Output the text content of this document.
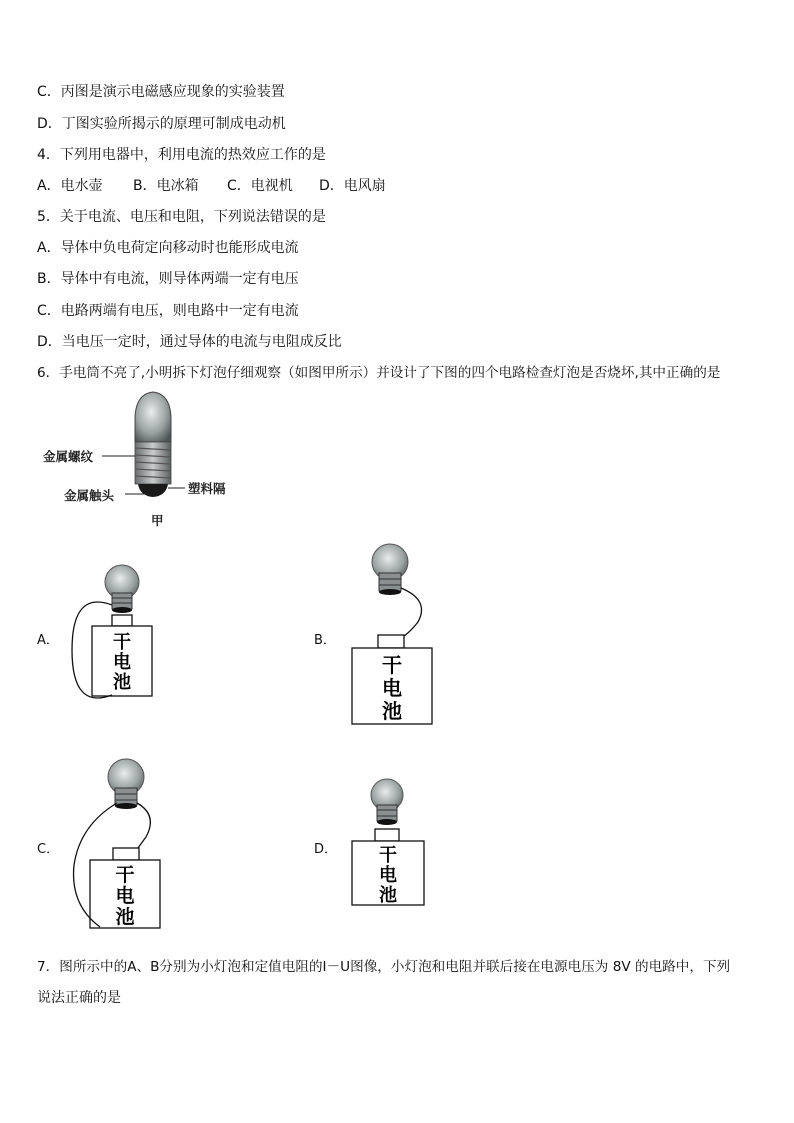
C．丙图是演示电磁感应现象的实验装置
D．丁图实验所揭示的原理可制成电动机
4．下列用电器中，利用电流的热效应工作的是
A．电水壶 B．电冰箱 C．电视机 D．电风扇
5．关于电流、电压和电阻，下列说法错误的是
A．导体中负电荷定向移动时也能形成电流
B．导体中有电流，则导体两端一定有电压
C．电路两端有电压，则电路中一定有电流
D．当电压一定时，通过导体的电流与电阻成反比
6．手电筒不亮了,小明拆下灯泡仔细观察（如图甲所示）并设计了下图的四个电路检查灯泡是否烧坏,其中正确的是
金属螺纹
金属触头	塑料隔
甲
A．	B．
C．	D．
干
电
池
干
电
池
干
电
池
干
电
池
7．图所示中的A、B分别为小灯泡和定值电阻的I－U图像，小灯泡和电阻并联后接在电源电压为 8V 的电路中，下列
说法正确的是
